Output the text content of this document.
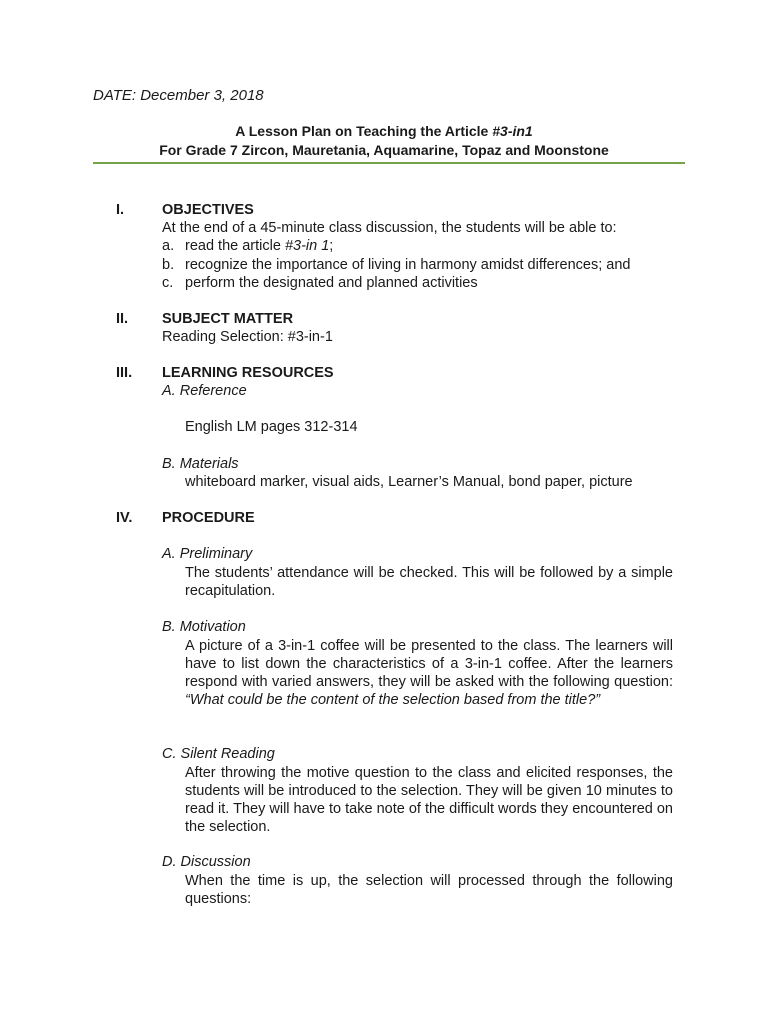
DATE: December 3, 2018
A Lesson Plan on Teaching the Article #3-in1
For Grade 7 Zircon, Mauretania, Aquamarine, Topaz and Moonstone
I.	OBJECTIVES
At the end of a 45-minute class discussion, the students will be able to:
a. read the article #3-in 1;
b. recognize the importance of living in harmony amidst differences; and
c. perform the designated and planned activities
II. SUBJECT MATTER
Reading Selection: #3-in-1
III. LEARNING RESOURCES
A. Reference
English LM pages 312-314
B. Materials
whiteboard marker, visual aids, Learner’s Manual, bond paper, picture
IV. PROCEDURE
A. Preliminary
The students’ attendance will be checked. This will be followed by a simple recapitulation.
B. Motivation
A picture of a 3-in-1 coffee will be presented to the class. The learners will have to list down the characteristics of a 3-in-1 coffee. After the learners respond with varied answers, they will be asked with the following question: “What could be the content of the selection based from the title?”
C. Silent Reading
After throwing the motive question to the class and elicited responses, the students will be introduced to the selection. They will be given 10 minutes to read it. They will have to take note of the difficult words they encountered on the selection.
D. Discussion
When the time is up, the selection will processed through the following questions:
